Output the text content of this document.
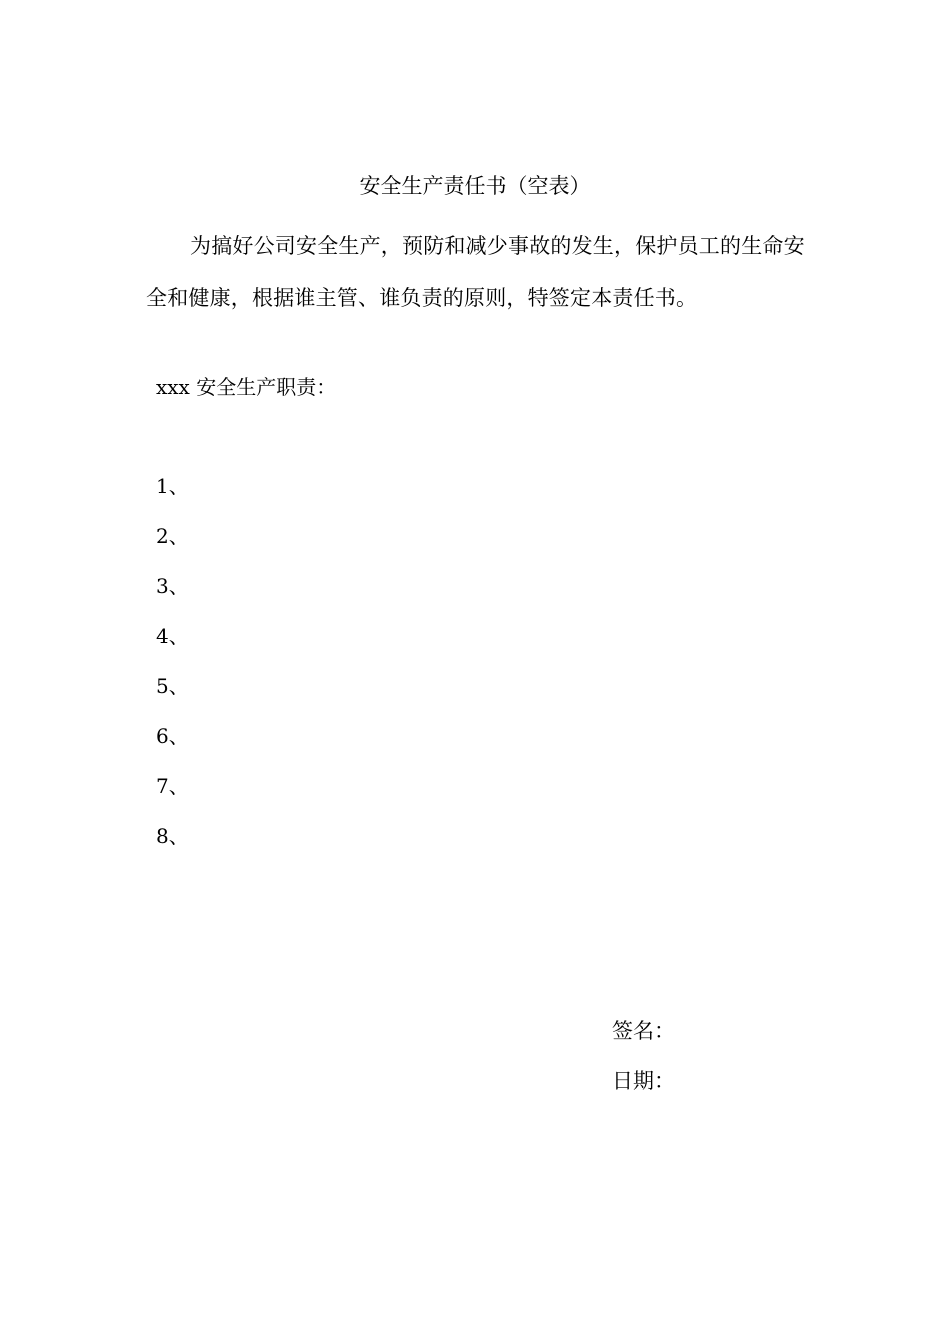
安全生产责任书（空表）
为搞好公司安全生产，预防和减少事故的发生，保护员工的生命安全和健康，根据谁主管、谁负责的原则，特签定本责任书。
xxx 安全生产职责：
1、
2、
3、
4、
5、
6、
7、
8、
签名：
日期：
